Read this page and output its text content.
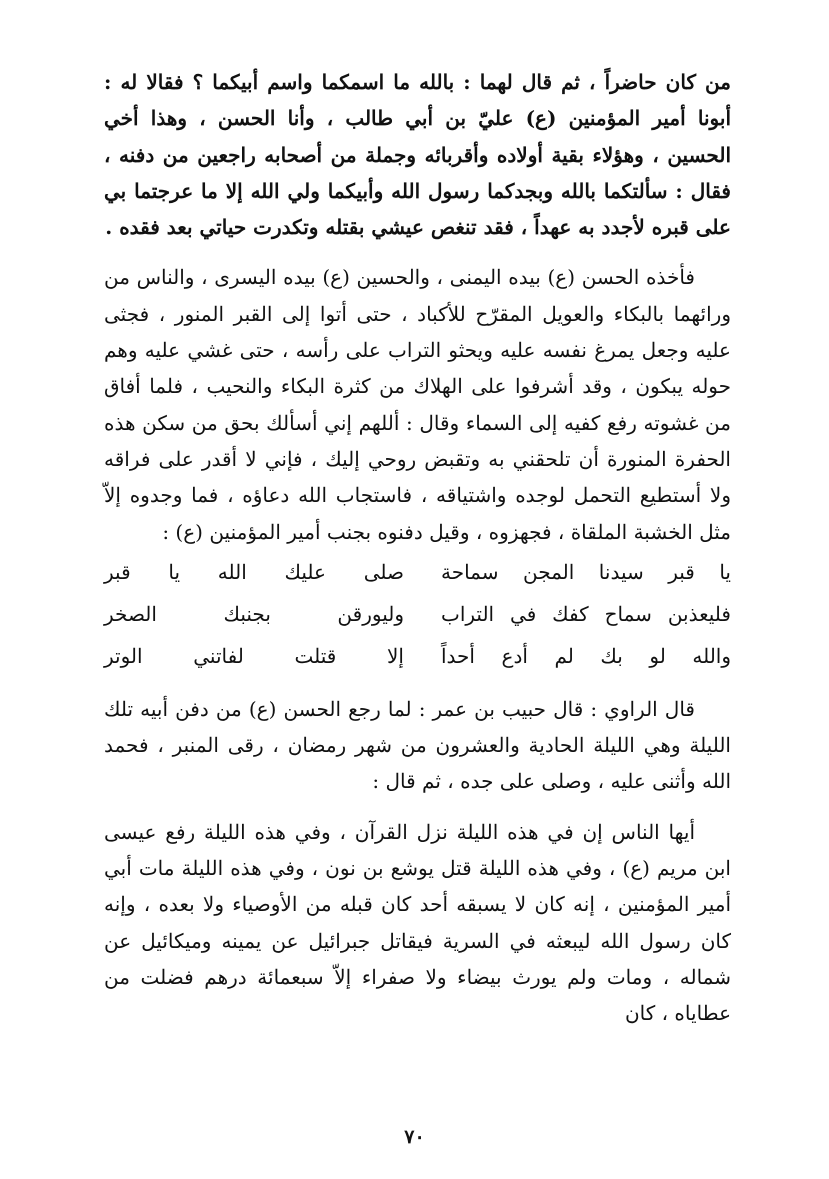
من كان حاضراً ، ثم قال لهما : بالله ما اسمكما واسم أبيكما ؟ فقالا له : أبونا أمير المؤمنين (ع) عليّ بن أبي طالب ، وأنا الحسن ، وهذا أخي الحسين ، وهؤلاء بقية أولاده وأقربائه وجملة من أصحابه راجعين من دفنه ، فقال : سألتكما بالله وبجدكما رسول الله وأبيكما ولي الله إلا ما عرجتما بي على قبره لأجدد به عهداً ، فقد تنغص عيشي بقتله وتكدرت حياتي بعد فقده .

فأخذه الحسن (ع) بيده اليمنى ، والحسين (ع) بيده اليسرى ، والناس من ورائهما بالبكاء والعويل المقرّح للأكباد ، حتى أتوا إلى القبر المنور ، فجثى عليه وجعل يمرغ نفسه عليه ويحثو التراب على رأسه ، حتى غشي عليه وهم حوله يبكون ، وقد أشرفوا على الهلاك من كثرة البكاء والنحيب ، فلما أفاق من غشوته رفع كفيه إلى السماء وقال : أللهم إني أسألك بحق من سكن هذه الحفرة المنورة أن تلحقني به وتقبض روحي إليك ، فإني لا أقدر على فراقه ولا أستطيع التحمل لوجده واشتياقه ، فاستجاب الله دعاؤه ، فما وجدوه إلاّ مثل الخشبة الملقاة ، فجهزوه ، وقيل دفنوه بجنب أمير المؤمنين (ع) :

يا قبر سيدنا المجن سماحة
صلى عليك الله يا قبر
فليعذبن سماح كفك في التراب
وليورقن بجنبك الصخر
والله لو بك لم أدع أحداً
إلا قتلت لفاتني الوتر

قال الراوي : قال حبيب بن عمر : لما رجع الحسن (ع) من دفن أبيه تلك الليلة وهي الليلة الحادية والعشرون من شهر رمضان ، رقى المنبر ، فحمد الله وأثنى عليه ، وصلى على جده ، ثم قال :

أيها الناس إن في هذه الليلة نزل القرآن ، وفي هذه الليلة رفع عيسى ابن مريم (ع) ، وفي هذه الليلة قتل يوشع بن نون ، وفي هذه الليلة مات أبي أمير المؤمنين ، إنه كان لا يسبقه أحد كان قبله من الأوصياء ولا بعده ، وإنه كان رسول الله ليبعثه في السرية فيقاتل جبرائيل عن يمينه وميكائيل عن شماله ، ومات ولم يورث بيضاء ولا صفراء إلاّ سبعمائة درهم فضلت من عطاياه ، كان

٧٠
